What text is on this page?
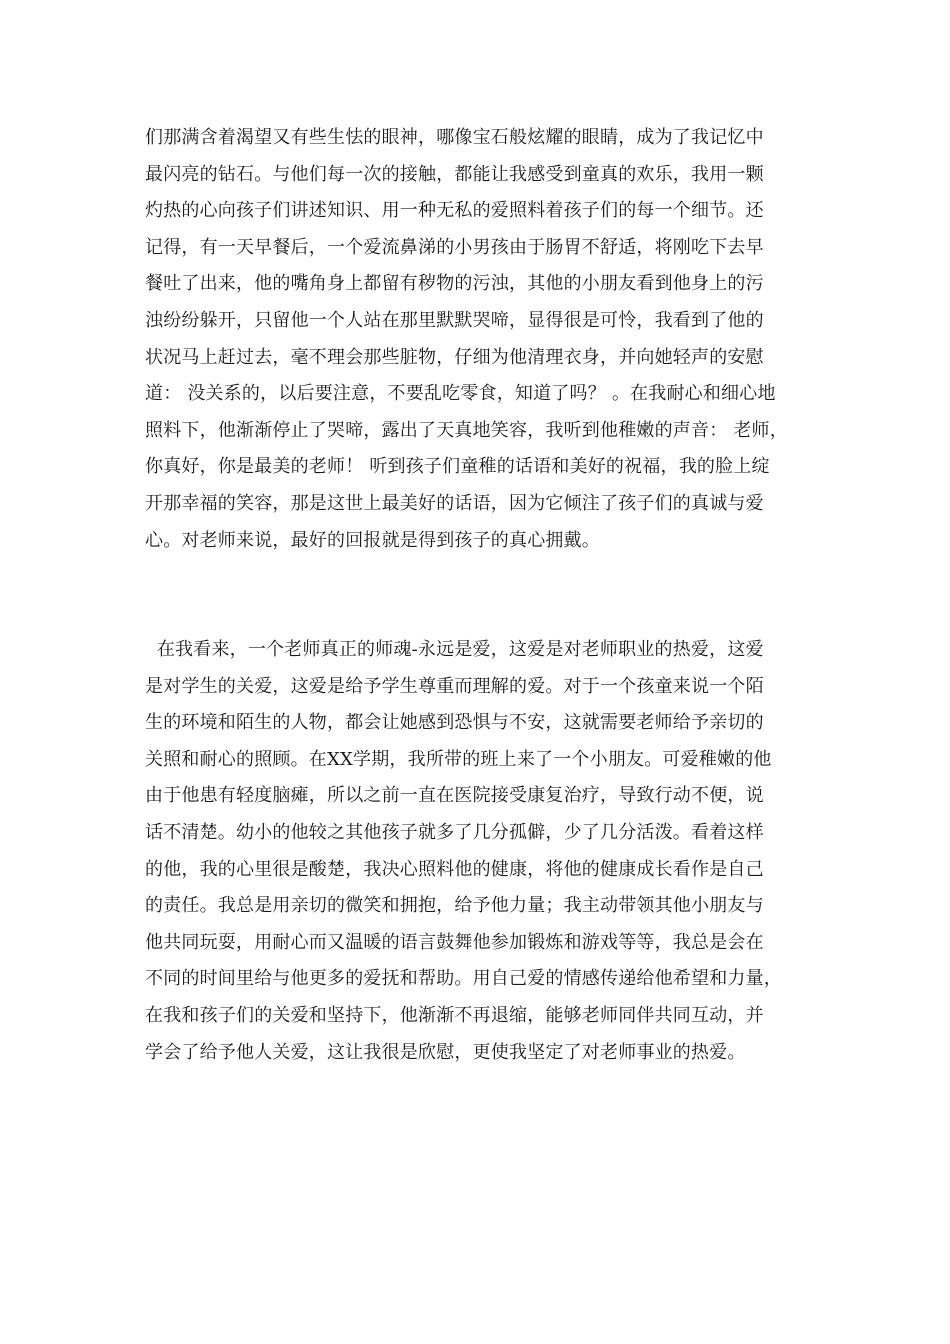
们那满含着渴望又有些生怯的眼神，哪像宝石般炫耀的眼睛，成为了我记忆中
最闪亮的钻石。与他们每一次的接触，都能让我感受到童真的欢乐，我用一颗
灼热的心向孩子们讲述知识、用一种无私的爱照料着孩子们的每一个细节。还
记得，有一天早餐后，一个爱流鼻涕的小男孩由于肠胃不舒适，将刚吃下去早
餐吐了出来，他的嘴角身上都留有秽物的污浊，其他的小朋友看到他身上的污
浊纷纷躲开，只留他一个人站在那里默默哭啼，显得很是可怜，我看到了他的
状况马上赶过去，毫不理会那些脏物，仔细为他清理衣身，并向她轻声的安慰
道： 没关系的，以后要注意，不要乱吃零食，知道了吗？ 。在我耐心和细心地
照料下，他渐渐停止了哭啼，露出了天真地笑容，我听到他稚嫩的声音： 老师，
你真好，你是最美的老师！ 听到孩子们童稚的话语和美好的祝福，我的脸上绽
开那幸福的笑容，那是这世上最美好的话语，因为它倾注了孩子们的真诚与爱
心。对老师来说，最好的回报就是得到孩子的真心拥戴。
在我看来，一个老师真正的师魂-永远是爱，这爱是对老师职业的热爱，这爱
是对学生的关爱，这爱是给予学生尊重而理解的爱。对于一个孩童来说一个陌
生的环境和陌生的人物，都会让她感到恐惧与不安，这就需要老师给予亲切的
关照和耐心的照顾。在XX学期，我所带的班上来了一个小朋友。可爱稚嫩的他
由于他患有轻度脑瘫，所以之前一直在医院接受康复治疗，导致行动不便，说
话不清楚。幼小的他较之其他孩子就多了几分孤僻，少了几分活泼。看着这样
的他，我的心里很是酸楚，我决心照料他的健康，将他的健康成长看作是自己
的责任。我总是用亲切的微笑和拥抱，给予他力量；我主动带领其他小朋友与
他共同玩耍，用耐心而又温暖的语言鼓舞他参加锻炼和游戏等等，我总是会在
不同的时间里给与他更多的爱抚和帮助。用自己爱的情感传递给他希望和力量，
在我和孩子们的关爱和坚持下，他渐渐不再退缩，能够老师同伴共同互动，并
学会了给予他人关爱，这让我很是欣慰，更使我坚定了对老师事业的热爱。
